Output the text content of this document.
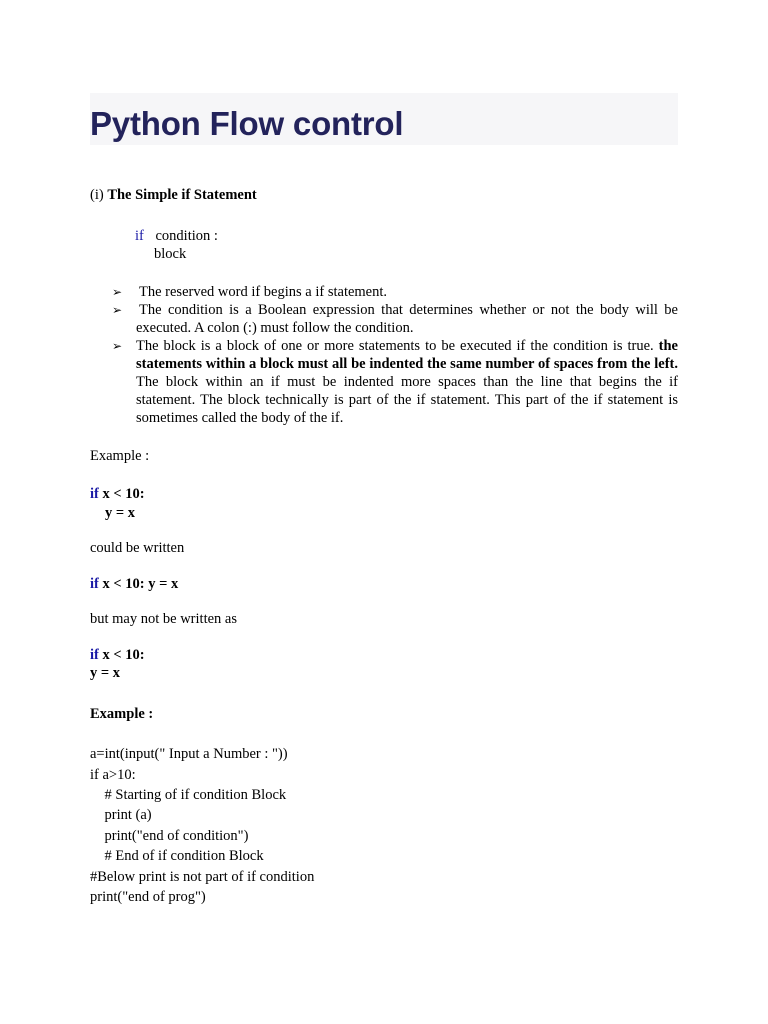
Python Flow control
(i) The Simple if Statement
if condition :
block
➢ The reserved word if begins a if statement.
➢ The condition is a Boolean expression that determines whether or not the body will be executed. A colon (:) must follow the condition.
➢ The block is a block of one or more statements to be executed if the condition is true. the statements within a block must all be indented the same number of spaces from the left. The block within an if must be indented more spaces than the line that begins the if statement. The block technically is part of the if statement. This part of the if statement is sometimes called the body of the if.
Example :
if x < 10:
y = x
could be written
if x < 10: y = x
but may not be written as
if x < 10:
y = x
Example :
a=int(input(" Input a Number : "))
if a>10:
# Starting of if condition Block
print (a)
print("end of condition")
# End of if condition Block
#Below print is not part of if condition
print("end of prog")
